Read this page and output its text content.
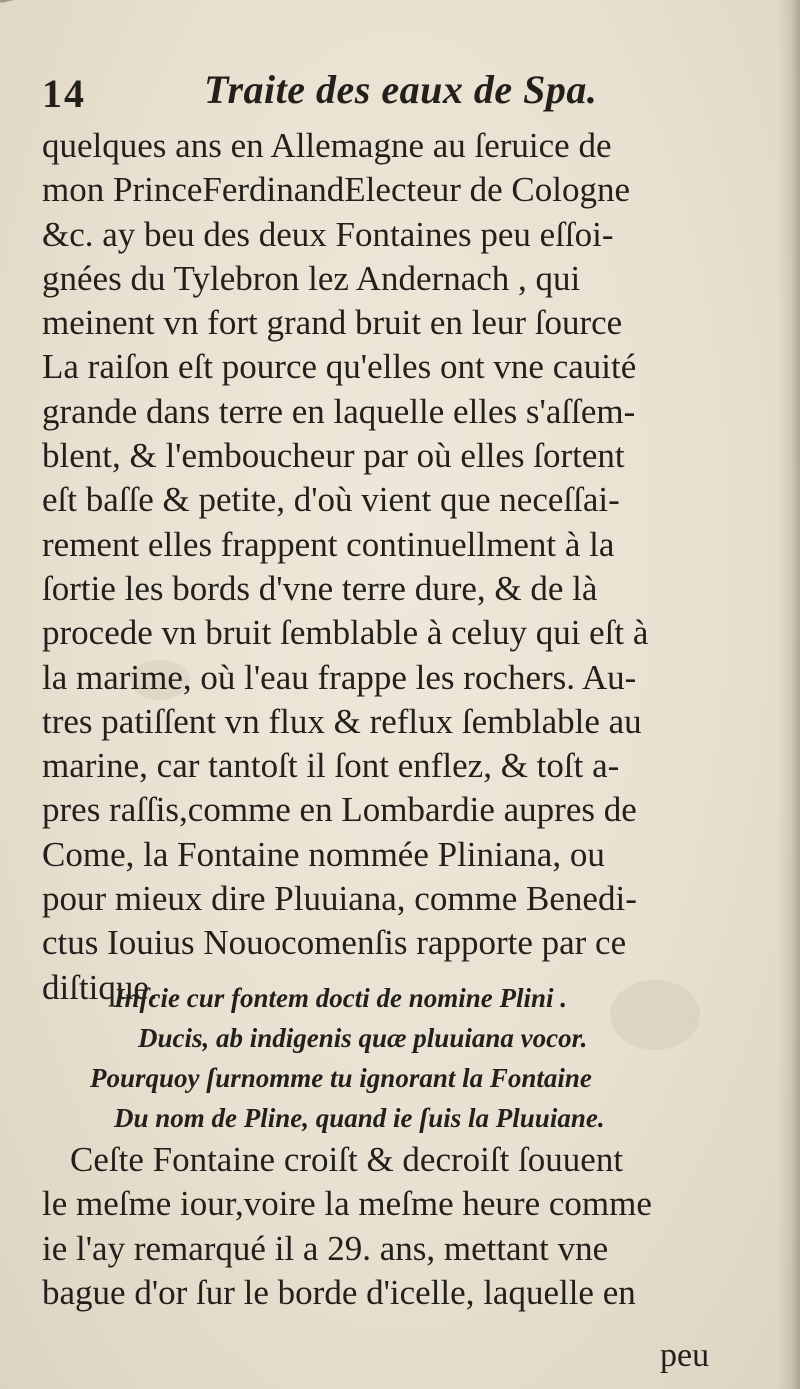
14	Traite des eaux de Spa.
quelques ans en Allemagne au ſeruice de
mon PrinceFerdinandElecteur de Cologne
&c. ay beu des deux Fontaines peu eſſoi-
gnées du Tylebron lez Andernach , qui
meinent vn fort grand bruit en leur ſource
La raiſon eſt pource qu'elles ont vne cauité
grande dans terre en laquelle elles s'aſſem-
blent, & l'emboucheur par où elles ſortent
eſt baſſe & petite, d'où vient que neceſſai-
rement elles frappent continuellment à la
ſortie les bords d'vne terre dure, & de là
procede vn bruit ſemblable à celuy qui eſt à
la marime, où l'eau frappe les rochers. Au-
tres patiſſent vn flux & reflux ſemblable au
marine, car tantoſt il ſont enflez, & toſt a-
pres raſſis,comme en Lombardie aupres de
Come, la Fontaine nommée Pliniana, ou
pour mieux dire Pluuiana, comme Benedi-
ctus Iouius Nouocomenſis rapporte par ce
diſtique.
Inſcie cur fontem docti de nomine Plini .
Ducis, ab indigenis quæ pluuiana vocor.
Pourquoy ſurnomme tu ignorant la Fontaine
Du nom de Pline, quand ie ſuis la Pluuiane.
Ceſte Fontaine croiſt & decroiſt ſouuent
le meſme iour,voire la meſme heure comme
ie l'ay remarqué il a 29. ans, mettant vne
bague d'or ſur le borde d'icelle, laquelle en
peu
